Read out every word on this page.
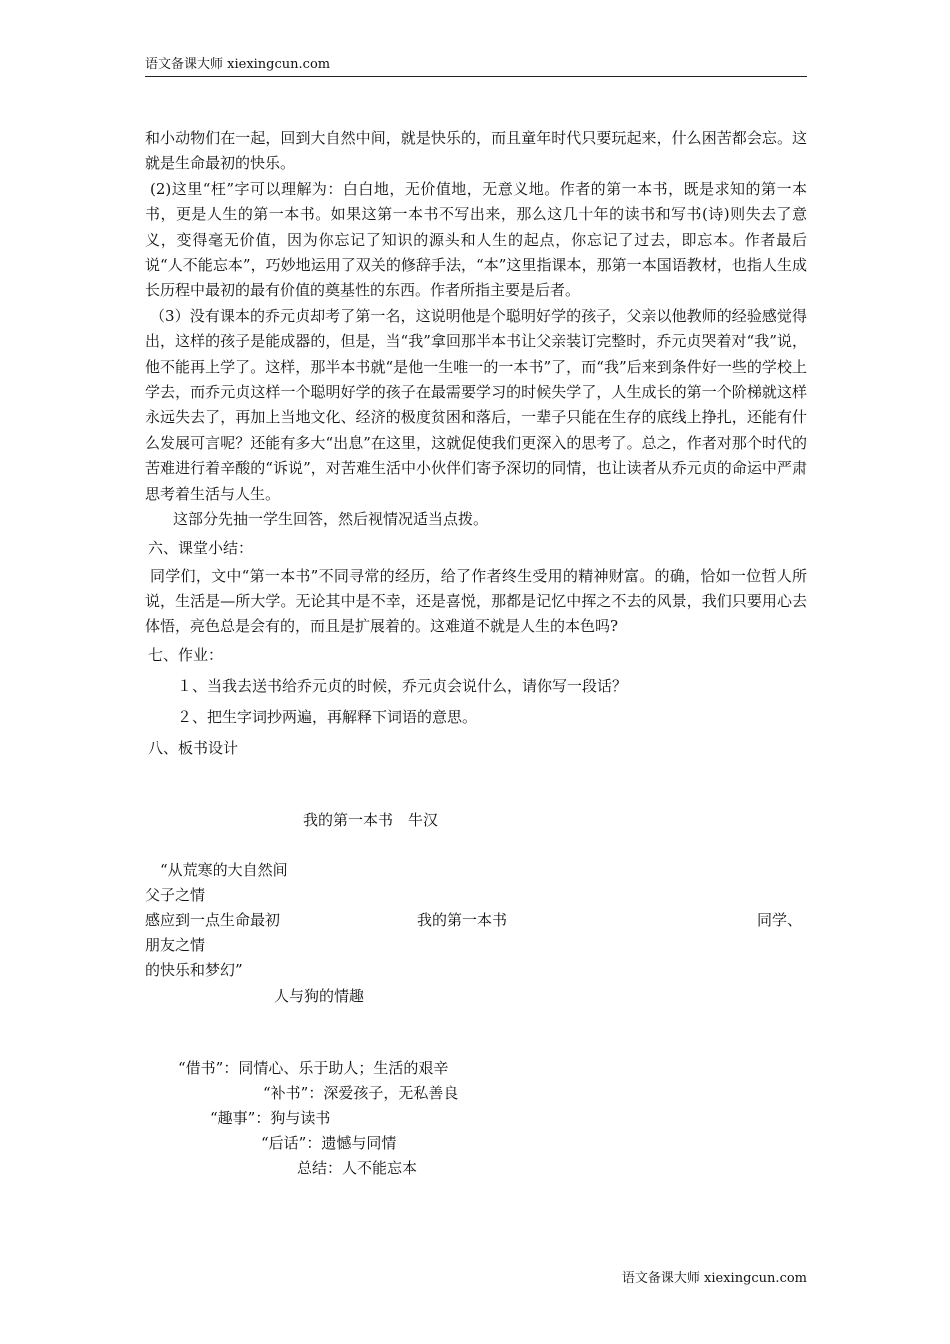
语文备课大师 xiexingcun.com

和小动物们在一起，回到大自然中间，就是快乐的，而且童年时代只要玩起来，什么困苦都会忘。这就是生命最初的快乐。

(2)这里“枉”字可以理解为：白白地，无价值地，无意义地。作者的第一本书，既是求知的第一本书，更是人生的第一本书。如果这第一本书不写出来，那么这几十年的读书和写书(诗)则失去了意义，变得毫无价值，因为你忘记了知识的源头和人生的起点，你忘记了过去，即忘本。作者最后说“人不能忘本”，巧妙地运用了双关的修辞手法，“本”这里指课本，那第一本国语教材，也指人生成长历程中最初的最有价值的奠基性的东西。作者所指主要是后者。

（3）没有课本的乔元贞却考了第一名，这说明他是个聪明好学的孩子，父亲以他教师的经验感觉得出，这样的孩子是能成器的，但是，当“我”拿回那半本书让父亲装订完整时，乔元贞哭着对“我”说，他不能再上学了。这样，那半本书就“是他一生唯一的一本书”了，而“我”后来到条件好一些的学校上学去，而乔元贞这样一个聪明好学的孩子在最需要学习的时候失学了，人生成长的第一个阶梯就这样永远失去了，再加上当地文化、经济的极度贫困和落后，一辈子只能在生存的底线上挣扎，还能有什么发展可言呢？还能有多大“出息”在这里，这就促使我们更深入的思考了。总之，作者对那个时代的苦难进行着辛酸的“诉说”，对苦难生活中小伙伴们寄予深切的同情，也让读者从乔元贞的命运中严肃思考着生活与人生。

这部分先抽一学生回答，然后视情况适当点拨。

六、课堂小结：

同学们，文中“第一本书”不同寻常的经历，给了作者终生受用的精神财富。的确，恰如一位哲人所说，生活是—所大学。无论其中是不幸，还是喜悦，那都是记忆中挥之不去的风景，我们只要用心去体悟，亮色总是会有的，而且是扩展着的。这难道不就是人生的本色吗?

七、作业：
１、当我去送书给乔元贞的时候，乔元贞会说什么，请你写一段话？
２、把生字词抄两遍，再解释下词语的意思。
八、板书设计
我的第一本书　牛汉
“从荒寒的大自然间
父子之情
感应到一点生命最初	我的第一本书	同学、
朋友之情
的快乐和梦幻”
人与狗的情趣
“借书”：同情心、乐于助人；生活的艰辛
“补书”：深爱孩子，无私善良
“趣事”：狗与读书
“后话”：遗憾与同情
总结：人不能忘本
语文备课大师 xiexingcun.com
